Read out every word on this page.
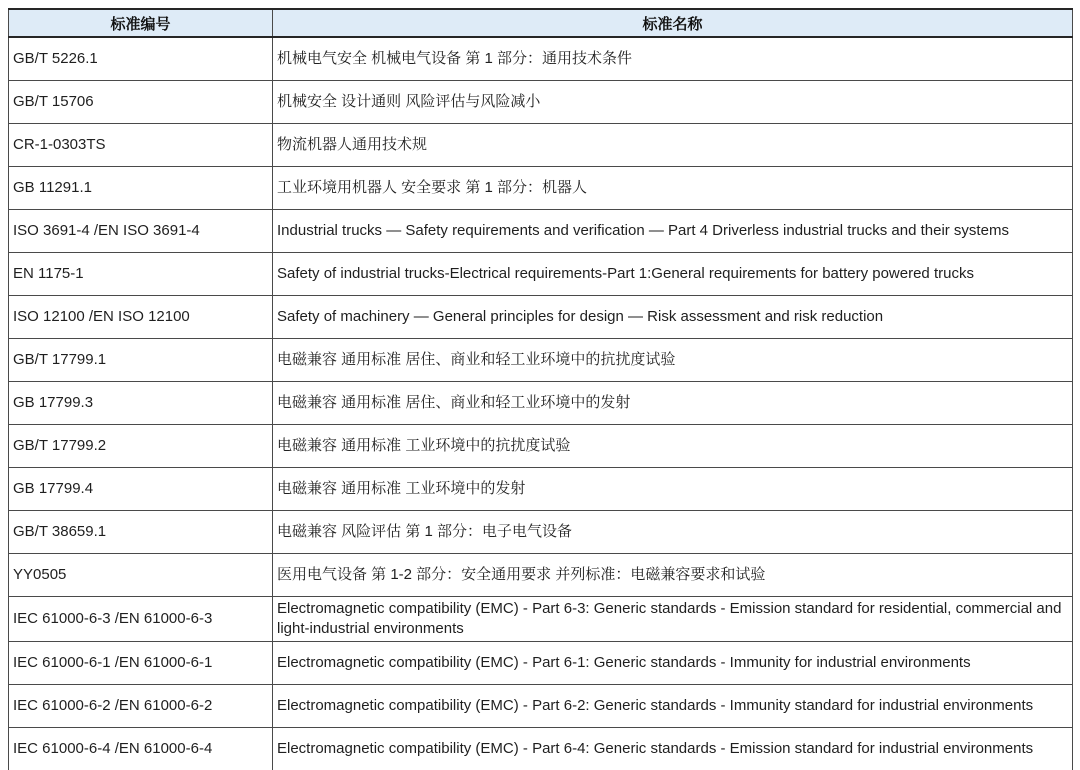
标准编号	标准名称
GB/T 5226.1	机械电气安全 机械电气设备 第 1 部分：通用技术条件
GB/T 15706	机械安全 设计通则 风险评估与风险减小
CR-1-0303TS	物流机器人通用技术规
GB 11291.1	工业环境用机器人 安全要求 第 1 部分：机器人
ISO 3691-4 /EN ISO 3691-4	Industrial trucks — Safety requirements and verification — Part 4 Driverless industrial trucks and their systems
EN 1175-1	Safety of industrial trucks-Electrical requirements-Part 1:General requirements for battery powered trucks
ISO 12100 /EN ISO 12100	Safety of machinery — General principles for design — Risk assessment and risk reduction
GB/T 17799.1	电磁兼容 通用标准 居住、商业和轻工业环境中的抗扰度试验
GB 17799.3	电磁兼容 通用标准 居住、商业和轻工业环境中的发射
GB/T 17799.2	电磁兼容 通用标准 工业环境中的抗扰度试验
GB 17799.4	电磁兼容 通用标准 工业环境中的发射
GB/T 38659.1	电磁兼容 风险评估 第 1 部分：电子电气设备
YY0505	医用电气设备 第 1-2 部分：安全通用要求 并列标准：电磁兼容要求和试验
IEC 61000-6-3 /EN 61000-6-3	Electromagnetic compatibility (EMC) - Part 6-3: Generic standards - Emission standard for residential, commercial and light-industrial environments
IEC 61000-6-1 /EN 61000-6-1	Electromagnetic compatibility (EMC) - Part 6-1: Generic standards - Immunity for industrial environments
IEC 61000-6-2 /EN 61000-6-2	Electromagnetic compatibility (EMC) - Part 6-2: Generic standards - Immunity standard for industrial environments
IEC 61000-6-4 /EN 61000-6-4	Electromagnetic compatibility (EMC) - Part 6-4: Generic standards - Emission standard for industrial environments
